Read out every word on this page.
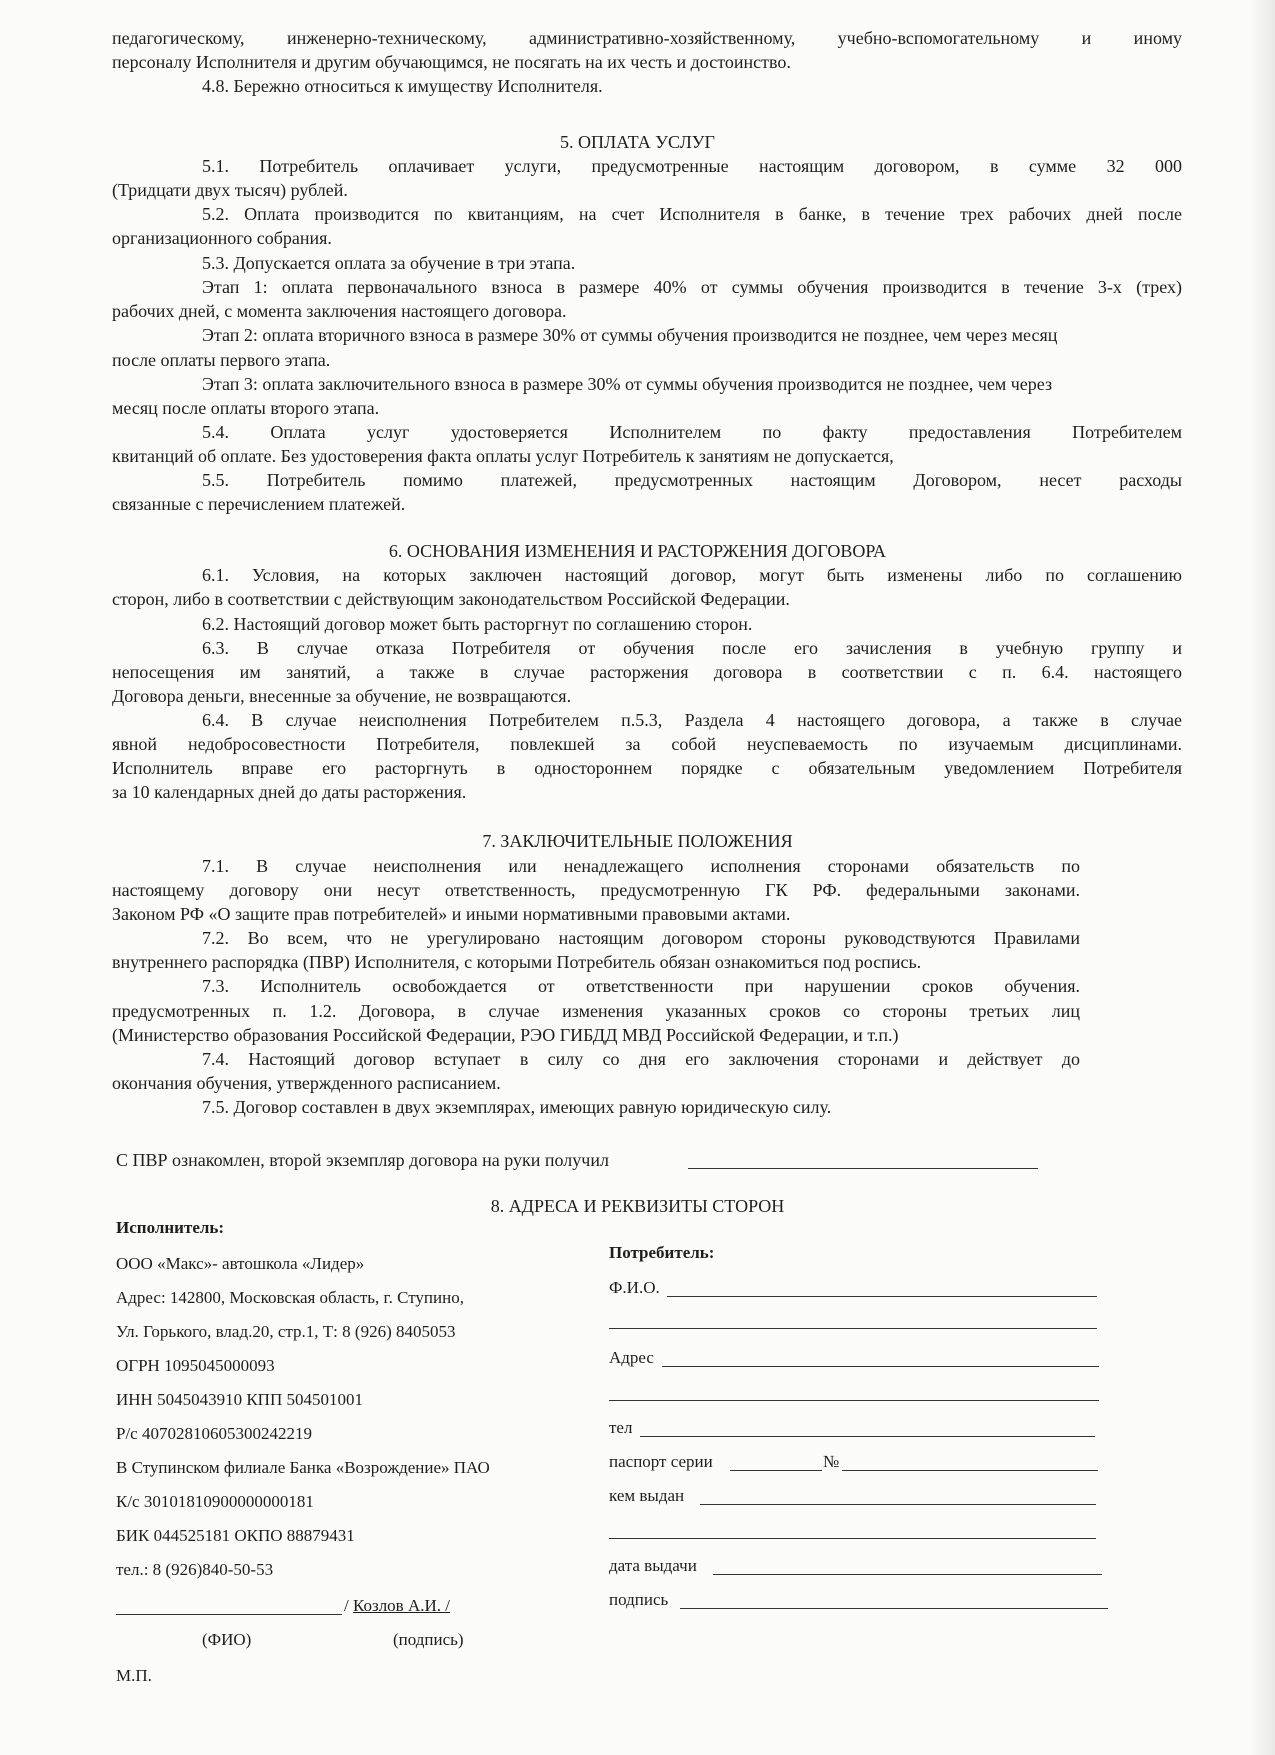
педагогическому, инженерно-техническому, административно-хозяйственному, учебно-вспомогательному и иному
персоналу Исполнителя и другим обучающимся, не посягать на их честь и достоинство.
4.8. Бережно относиться к имуществу Исполнителя.
5. ОПЛАТА УСЛУГ
5.1. Потребитель оплачивает услуги, предусмотренные настоящим договором, в сумме 32 000
(Тридцати двух тысяч) рублей.
5.2. Оплата производится по квитанциям, на счет Исполнителя в банке, в течение трех рабочих дней после
организационного собрания.
5.3. Допускается оплата за обучение в три этапа.
Этап 1: оплата первоначального взноса в размере 40% от суммы обучения производится в течение 3-х (трех)
рабочих дней, с момента заключения настоящего договора.
Этап 2: оплата вторичного взноса в размере 30% от суммы обучения производится не позднее, чем через месяц
после оплаты первого этапа.
Этап 3: оплата заключительного взноса в размере 30% от суммы обучения производится не позднее, чем через
месяц после оплаты второго этапа.
5.4. Оплата услуг удостоверяется Исполнителем по факту предоставления Потребителем
квитанций об оплате. Без удостоверения факта оплаты услуг Потребитель к занятиям не допускается,
5.5. Потребитель помимо платежей, предусмотренных настоящим Договором, несет расходы
связанные с перечислением платежей.
6. ОСНОВАНИЯ ИЗМЕНЕНИЯ И РАСТОРЖЕНИЯ ДОГОВОРА
6.1. Условия, на которых заключен настоящий договор, могут быть изменены либо по соглашению
сторон, либо в соответствии с действующим законодательством Российской Федерации.
6.2. Настоящий договор может быть расторгнут по соглашению сторон.
6.3. В случае отказа Потребителя от обучения после его зачисления в учебную группу и
непосещения им занятий, а также в случае расторжения договора в соответствии с п. 6.4. настоящего
Договора деньги, внесенные за обучение, не возвращаются.
6.4. В случае неисполнения Потребителем п.5.3, Раздела 4 настоящего договора, а также в случае
явной недобросовестности Потребителя, повлекшей за собой неуспеваемость по изучаемым дисциплинами.
Исполнитель вправе его расторгнуть в одностороннем порядке с обязательным уведомлением Потребителя
за 10 календарных дней до даты расторжения.
7. ЗАКЛЮЧИТЕЛЬНЫЕ ПОЛОЖЕНИЯ
7.1. В случае неисполнения или ненадлежащего исполнения сторонами обязательств по
настоящему договору они несут ответственность, предусмотренную ГК РФ. федеральными законами.
Законом РФ «О защите прав потребителей» и иными нормативными правовыми актами.
7.2. Во всем, что не урегулировано настоящим договором стороны руководствуются Правилами
внутреннего распорядка (ПВР) Исполнителя, с которыми Потребитель обязан ознакомиться под роспись.
7.3. Исполнитель освобождается от ответственности при нарушении сроков обучения.
предусмотренных п. 1.2. Договора, в случае изменения указанных сроков со стороны третьих лиц
(Министерство образования Российской Федерации, РЭО ГИБДД МВД Российской Федерации, и т.п.)
7.4. Настоящий договор вступает в силу со дня его заключения сторонами и действует до
окончания обучения, утвержденного расписанием.
7.5. Договор составлен в двух экземплярах, имеющих равную юридическую силу.
С ПВР ознакомлен, второй экземпляр договора на руки получил
8. АДРЕСА И РЕКВИЗИТЫ СТОРОН
Исполнитель:
ООО «Макс»- автошкола «Лидер»
Адрес: 142800, Московская область, г. Ступино,
Ул. Горького, влад.20, стр.1, Т: 8 (926) 8405053
ОГРН 1095045000093
ИНН 5045043910 КПП 504501001
Р/с 40702810605300242219
В Ступинском филиале Банка «Возрождение» ПАО
К/с 30101810900000000181
БИК 044525181 ОКПО 88879431
тел.: 8 (926)840-50-53
/ Козлов А.И. /
(ФИО)	(подпись)
М.П.
Потребитель:
Ф.И.О.
Адрес
тел
паспорт серии	№
кем выдан
дата выдачи
подпись
